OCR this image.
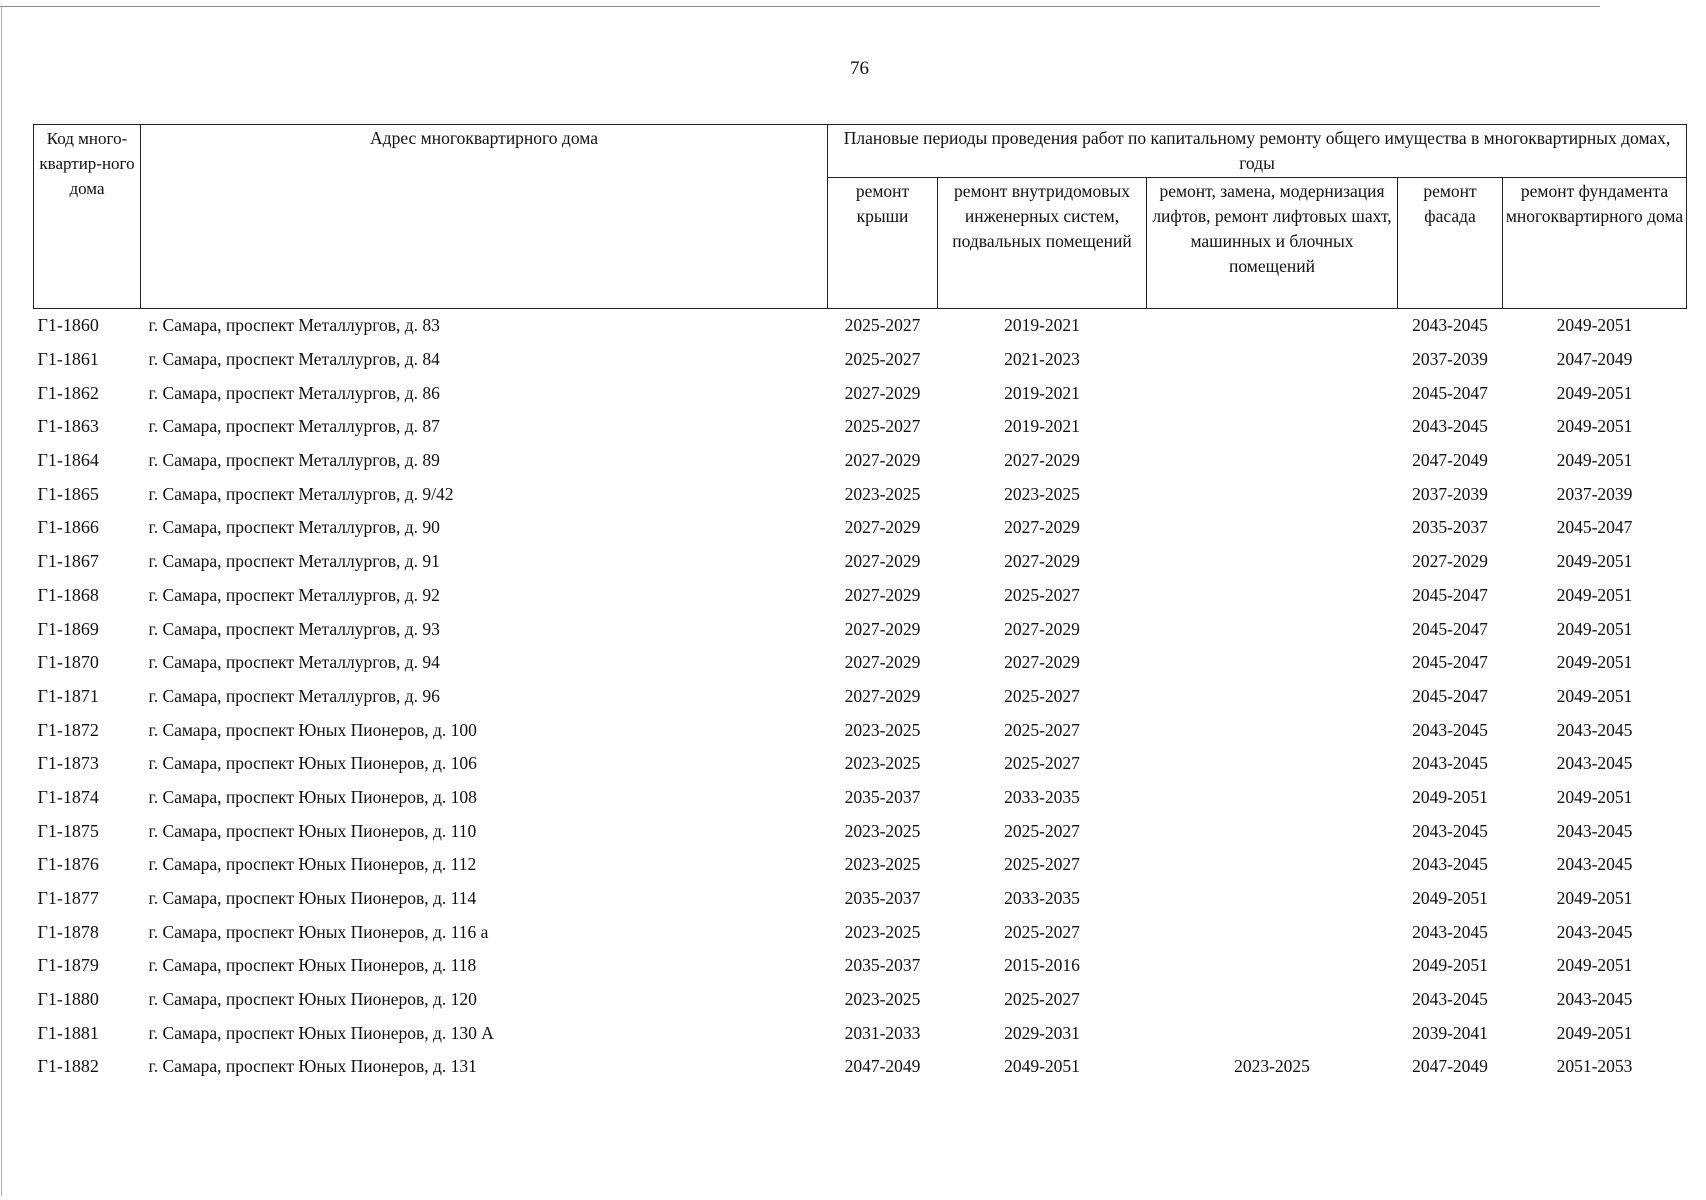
76
Код много-квартир-ного дома	Адрес многоквартирного дома	Плановые периоды проведения работ по капитальному ремонту общего имущества в многоквартирных домах, годы				
		ремонт крыши	ремонт внутридомовых инженерных систем, подвальных помещений	ремонт, замена, модернизация лифтов, ремонт лифтовых шахт, машинных и блочных помещений	ремонт фасада	ремонт фундамента многоквартирного дома
Г1-1860	г. Самара, проспект Металлургов, д. 83	2025-2027	2019-2021		2043-2045	2049-2051
Г1-1861	г. Самара, проспект Металлургов, д. 84	2025-2027	2021-2023		2037-2039	2047-2049
Г1-1862	г. Самара, проспект Металлургов, д. 86	2027-2029	2019-2021		2045-2047	2049-2051
Г1-1863	г. Самара, проспект Металлургов, д. 87	2025-2027	2019-2021		2043-2045	2049-2051
Г1-1864	г. Самара, проспект Металлургов, д. 89	2027-2029	2027-2029		2047-2049	2049-2051
Г1-1865	г. Самара, проспект Металлургов, д. 9/42	2023-2025	2023-2025		2037-2039	2037-2039
Г1-1866	г. Самара, проспект Металлургов, д. 90	2027-2029	2027-2029		2035-2037	2045-2047
Г1-1867	г. Самара, проспект Металлургов, д. 91	2027-2029	2027-2029		2027-2029	2049-2051
Г1-1868	г. Самара, проспект Металлургов, д. 92	2027-2029	2025-2027		2045-2047	2049-2051
Г1-1869	г. Самара, проспект Металлургов, д. 93	2027-2029	2027-2029		2045-2047	2049-2051
Г1-1870	г. Самара, проспект Металлургов, д. 94	2027-2029	2027-2029		2045-2047	2049-2051
Г1-1871	г. Самара, проспект Металлургов, д. 96	2027-2029	2025-2027		2045-2047	2049-2051
Г1-1872	г. Самара, проспект Юных Пионеров, д. 100	2023-2025	2025-2027		2043-2045	2043-2045
Г1-1873	г. Самара, проспект Юных Пионеров, д. 106	2023-2025	2025-2027		2043-2045	2043-2045
Г1-1874	г. Самара, проспект Юных Пионеров, д. 108	2035-2037	2033-2035		2049-2051	2049-2051
Г1-1875	г. Самара, проспект Юных Пионеров, д. 110	2023-2025	2025-2027		2043-2045	2043-2045
Г1-1876	г. Самара, проспект Юных Пионеров, д. 112	2023-2025	2025-2027		2043-2045	2043-2045
Г1-1877	г. Самара, проспект Юных Пионеров, д. 114	2035-2037	2033-2035		2049-2051	2049-2051
Г1-1878	г. Самара, проспект Юных Пионеров, д. 116 а	2023-2025	2025-2027		2043-2045	2043-2045
Г1-1879	г. Самара, проспект Юных Пионеров, д. 118	2035-2037	2015-2016		2049-2051	2049-2051
Г1-1880	г. Самара, проспект Юных Пионеров, д. 120	2023-2025	2025-2027		2043-2045	2043-2045
Г1-1881	г. Самара, проспект Юных Пионеров, д. 130 А	2031-2033	2029-2031		2039-2041	2049-2051
Г1-1882	г. Самара, проспект Юных Пионеров, д. 131	2047-2049	2049-2051	2023-2025	2047-2049	2051-2053
